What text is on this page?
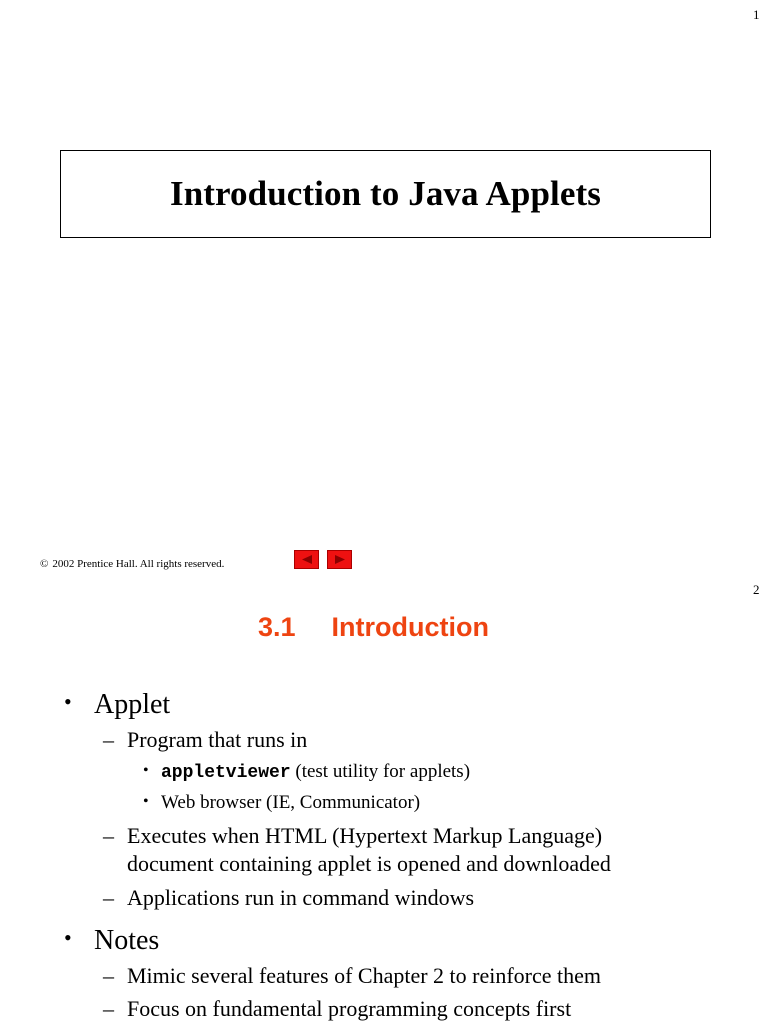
1
Introduction to Java Applets
© 2002 Prentice Hall. All rights reserved.
2
3.1 Introduction
• Applet
– Program that runs in
• appletviewer (test utility for applets)
• Web browser (IE, Communicator)
– Executes when HTML (Hypertext Markup Language)
document containing applet is opened and downloaded
– Applications run in command windows
• Notes
– Mimic several features of Chapter 2 to reinforce them
– Focus on fundamental programming concepts first
